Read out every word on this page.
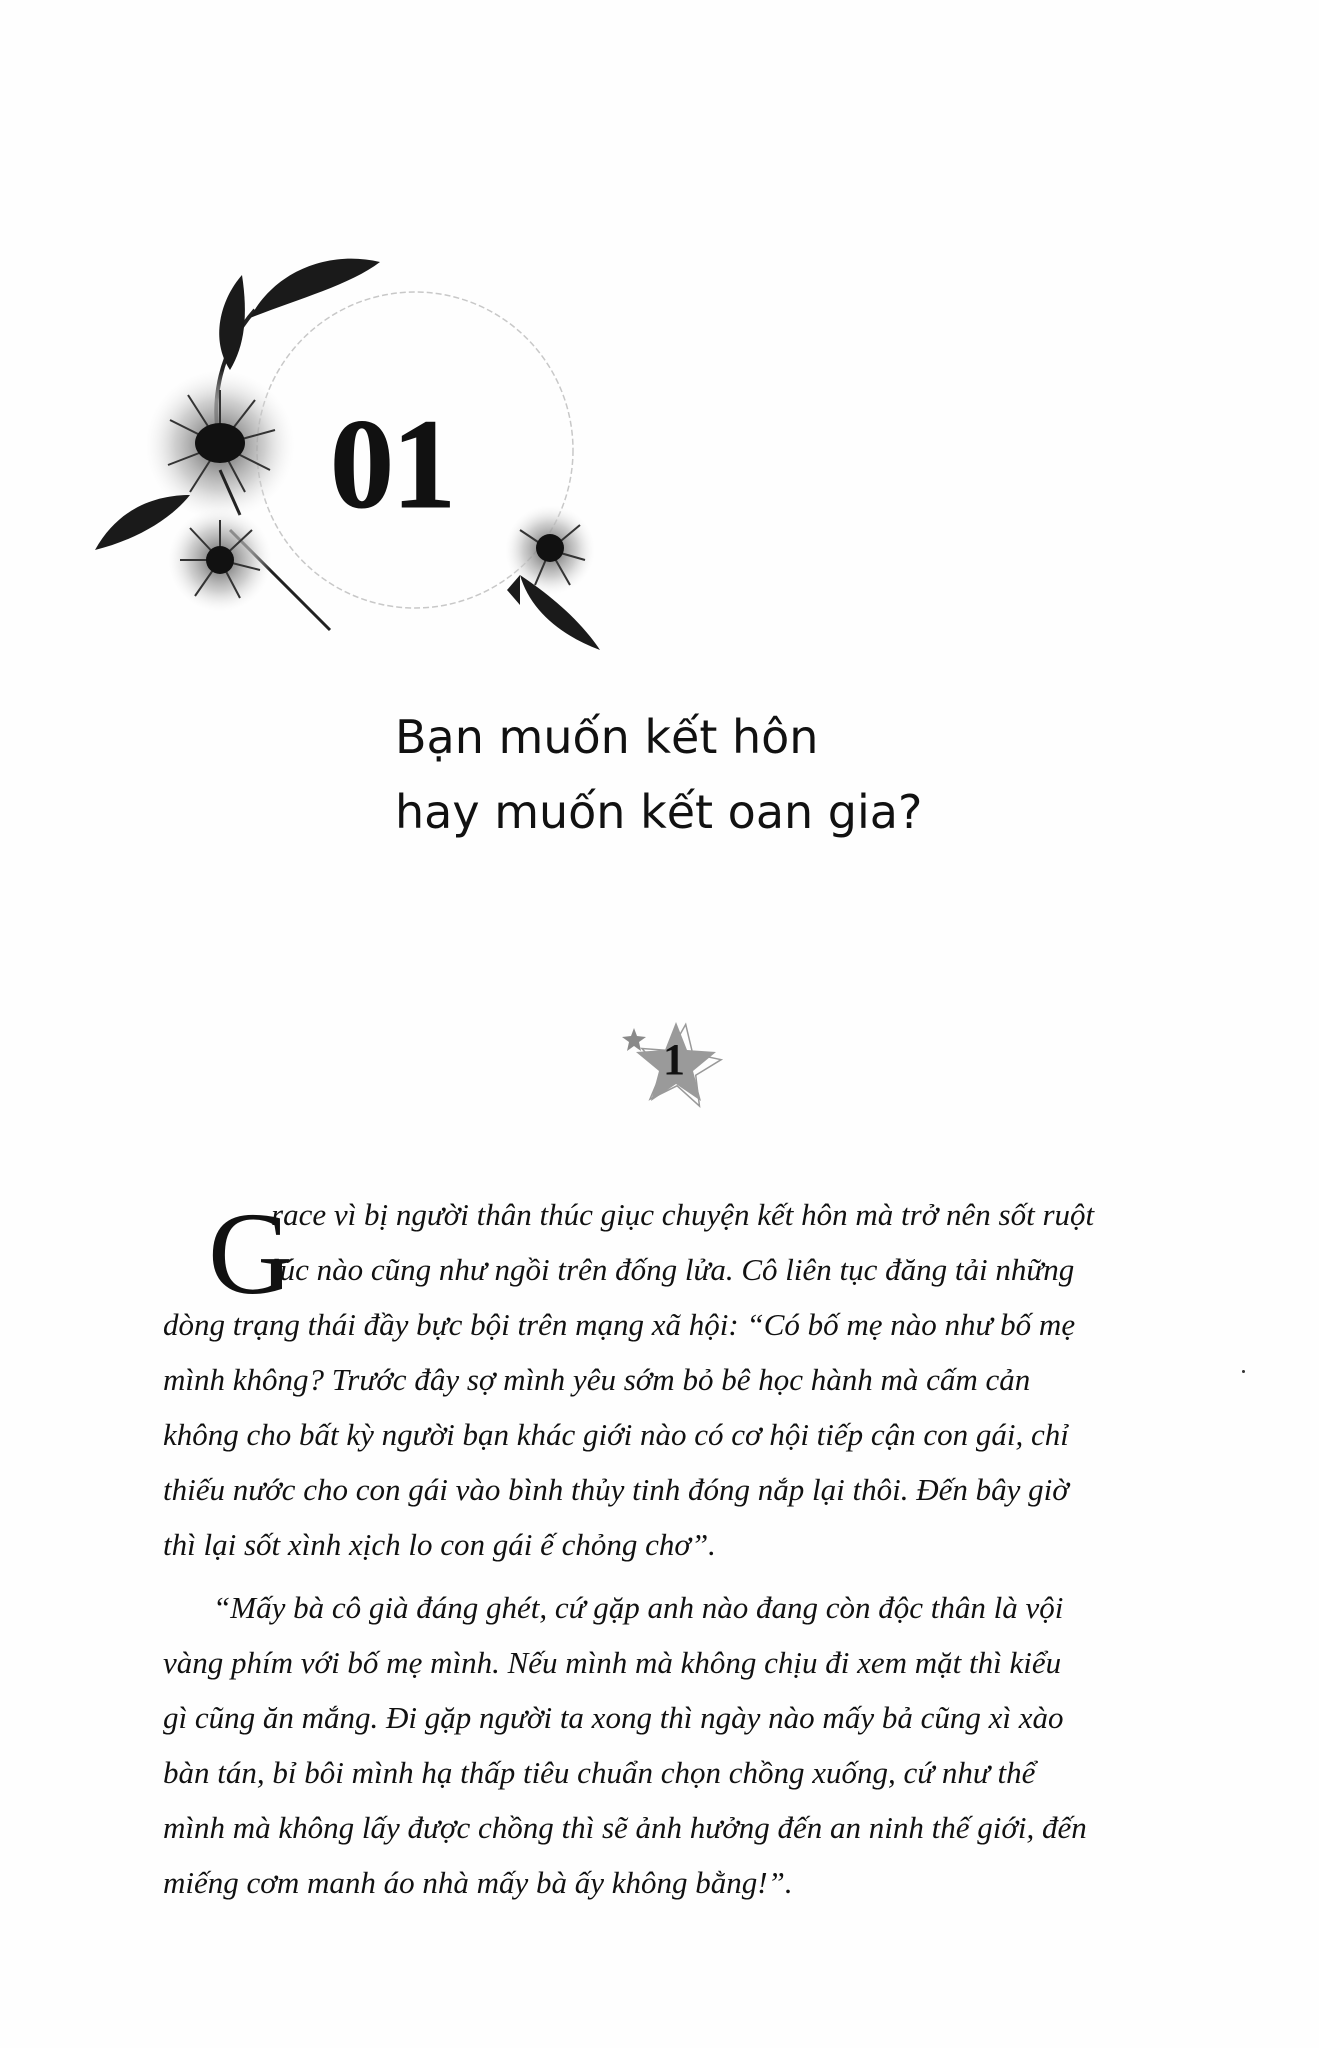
01
Bạn muốn kết hôn
hay muốn kết oan gia?
1
G
race vì bị người thân thúc giục chuyện kết hôn mà trở nên sốt ruột
lúc nào cũng như ngồi trên đống lửa. Cô liên tục đăng tải những
dòng trạng thái đầy bực bội trên mạng xã hội: “Có bố mẹ nào như bố mẹ
mình không? Trước đây sợ mình yêu sớm bỏ bê học hành mà cấm cản
không cho bất kỳ người bạn khác giới nào có cơ hội tiếp cận con gái, chỉ
thiếu nước cho con gái vào bình thủy tinh đóng nắp lại thôi. Đến bây giờ
thì lại sốt xình xịch lo con gái ế chỏng chơ”.
“Mấy bà cô già đáng ghét, cứ gặp anh nào đang còn độc thân là vội
vàng phím với bố mẹ mình. Nếu mình mà không chịu đi xem mặt thì kiểu
gì cũng ăn mắng. Đi gặp người ta xong thì ngày nào mấy bả cũng xì xào
bàn tán, bỉ bôi mình hạ thấp tiêu chuẩn chọn chồng xuống, cứ như thể
mình mà không lấy được chồng thì sẽ ảnh hưởng đến an ninh thế giới, đến
miếng cơm manh áo nhà mấy bà ấy không bằng!”.
